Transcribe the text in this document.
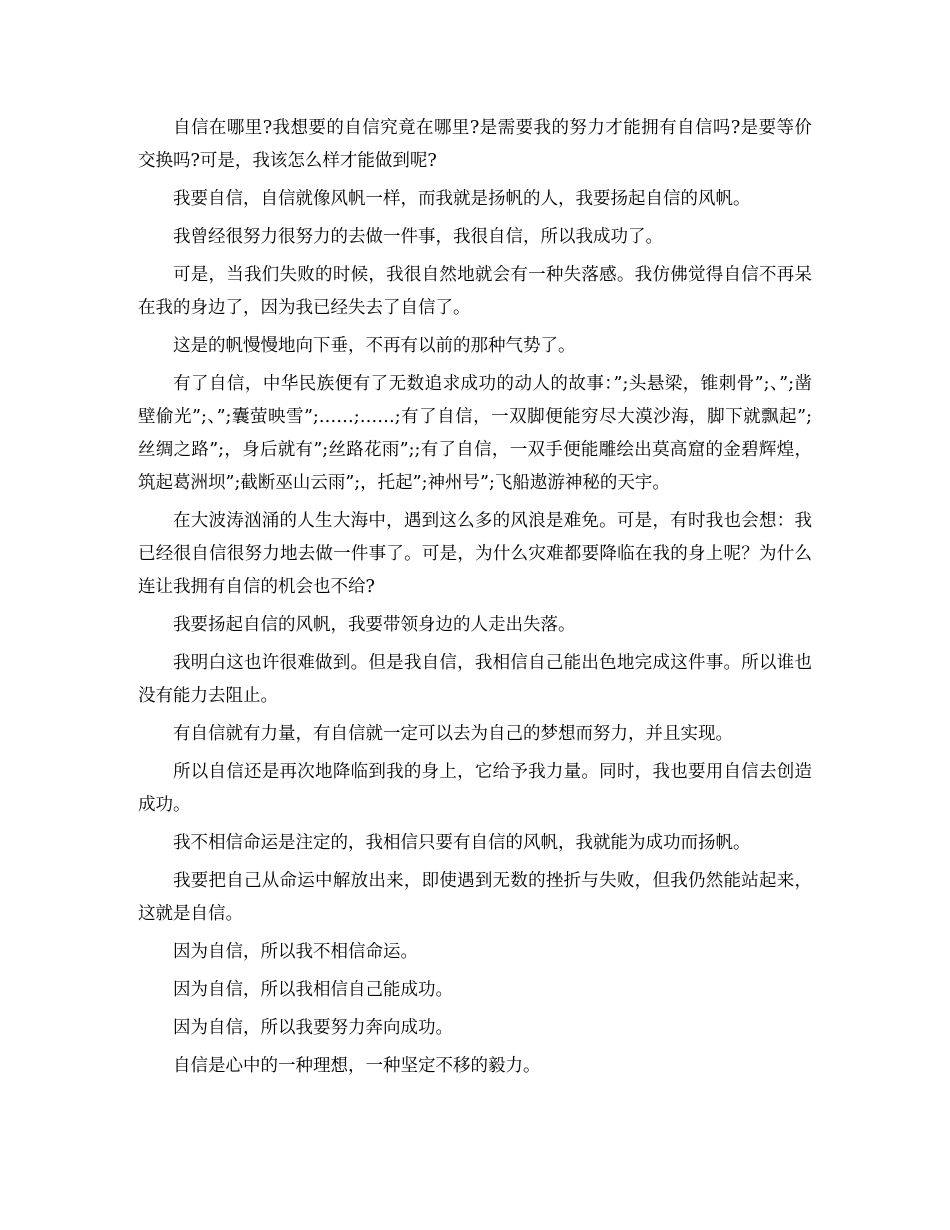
自信在哪里?我想要的自信究竟在哪里?是需要我的努力才能拥有自信吗?是要等价交换吗?可是，我该怎么样才能做到呢?

我要自信，自信就像风帆一样，而我就是扬帆的人，我要扬起自信的风帆。

我曾经很努力很努力的去做一件事，我很自信，所以我成功了。

可是，当我们失败的时候，我很自然地就会有一种失落感。我仿佛觉得自信不再呆在我的身边了，因为我已经失去了自信了。

这是的帆慢慢地向下垂，不再有以前的那种气势了。

有了自信，中华民族便有了无数追求成功的动人的故事：”;头悬梁，锥刺骨”;、”;凿壁偷光”;、”;囊萤映雪”;……;……;有了自信，一双脚便能穷尽大漠沙海，脚下就飘起”;丝绸之路”;，身后就有”;丝路花雨”;;有了自信，一双手便能雕绘出莫高窟的金碧辉煌，筑起葛洲坝”;截断巫山云雨”;，托起”;神州号”;飞船遨游神秘的天宇。

在大波涛汹涌的人生大海中，遇到这么多的风浪是难免。可是，有时我也会想：我已经很自信很努力地去做一件事了。可是，为什么灾难都要降临在我的身上呢？为什么连让我拥有自信的机会也不给?

我要扬起自信的风帆，我要带领身边的人走出失落。

我明白这也许很难做到。但是我自信，我相信自己能出色地完成这件事。所以谁也没有能力去阻止。

有自信就有力量，有自信就一定可以去为自己的梦想而努力，并且实现。

所以自信还是再次地降临到我的身上，它给予我力量。同时，我也要用自信去创造成功。

我不相信命运是注定的，我相信只要有自信的风帆，我就能为成功而扬帆。

我要把自己从命运中解放出来，即使遇到无数的挫折与失败，但我仍然能站起来，这就是自信。

因为自信，所以我不相信命运。

因为自信，所以我相信自己能成功。

因为自信，所以我要努力奔向成功。

自信是心中的一种理想，一种坚定不移的毅力。
